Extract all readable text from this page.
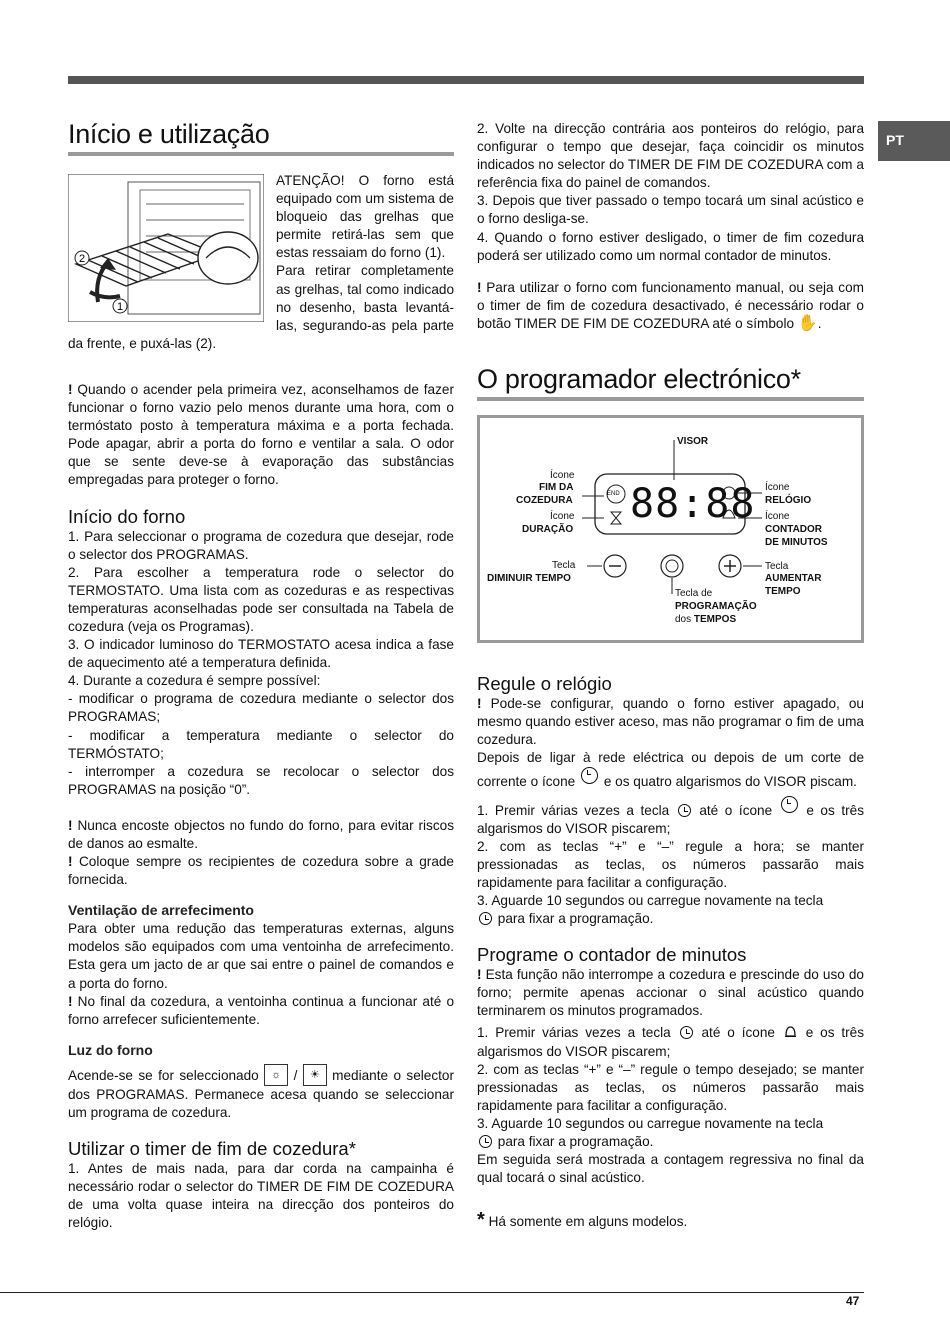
PT
Início e utilização
2
1

ATENÇÃO! O forno está equipado com um sistema de bloqueio das grelhas que permite retirá-las sem que estas ressaiam do forno (1).

Para retirar completamente as grelhas, tal como indicado no desenho, basta levantá-las, segurando-as pela parte da frente, e puxá-las (2).

! Quando o acender pela primeira vez, aconselhamos de fazer funcionar o forno vazio pelo menos durante uma hora, com o termóstato posto à temperatura máxima e a porta fechada. Pode apagar, abrir a porta do forno e ventilar a sala. O odor que se sente deve-se à evaporação das substâncias empregadas para proteger o forno.

Início do forno

1. Para seleccionar o programa de cozedura que desejar, rode o selector dos PROGRAMAS.

2. Para escolher a temperatura rode o selector do TERMOSTATO. Uma lista com as cozeduras e as respectivas temperaturas aconselhadas pode ser consultada na Tabela de cozedura (veja os Programas).

3. O indicador luminoso do TERMOSTATO acesa indica a fase de aquecimento até a temperatura definida.

4. Durante a cozedura é sempre possível:

- modificar o programa de cozedura mediante o selector dos PROGRAMAS;

- modificar a temperatura mediante o selector do TERMÓSTATO;

- interromper a cozedura se recolocar o selector dos PROGRAMAS na posição “0”.

! Nunca encoste objectos no fundo do forno, para evitar riscos de danos ao esmalte.

! Coloque sempre os recipientes de cozedura sobre a grade fornecida.

Ventilação de arrefecimento

Para obter uma redução das temperaturas externas, alguns modelos são equipados com uma ventoinha de arrefecimento. Esta gera um jacto de ar que sai entre o painel de comandos e a porta do forno.

! No final da cozedura, a ventoinha continua a funcionar até o forno arrefecer suficientemente.

Luz do forno

Acende-se se for seleccionado ☼ / ☀ mediante o selector dos PROGRAMAS. Permanece acesa quando se seleccionar um programa de cozedura.

Utilizar o timer de fim de cozedura*

1. Antes de mais nada, para dar corda na campainha é necessário rodar o selector do TIMER DE FIM DE COZEDURA de uma volta quase inteira na direcção dos ponteiros do relógio.

2. Volte na direcção contrária aos ponteiros do relógio, para configurar o tempo que desejar, faça coincidir os minutos indicados no selector do TIMER DE FIM DE COZEDURA com a referência fixa do painel de comandos.

3. Depois que tiver passado o tempo tocará um sinal acústico e o forno desliga-se.

4. Quando o forno estiver desligado, o timer de fim cozedura poderá ser utilizado como um normal contador de minutos.

! Para utilizar o forno com funcionamento manual, ou seja com o timer de fim de cozedura desactivado, é necessário rodar o botão TIMER DE FIM DE COZEDURA até o símbolo ✋.

O programador electrónico*
END 88:88
VISOR
Ícone
FIM DA
COZEDURA
Ícone
DURAÇÃO
Tecla
DIMINUIR TEMPO
Ícone
RELÓGIO
Ícone
CONTADOR
DE MINUTOS
Tecla
AUMENTAR
TEMPO
Tecla de
PROGRAMAÇÃO
dos TEMPOS
Regule o relógio

! Pode-se configurar, quando o forno estiver apagado, ou mesmo quando estiver aceso, mas não programar o fim de uma cozedura.

Depois de ligar à rede eléctrica ou depois de um corte de corrente o ícone e os quatro algarismos do VISOR piscam.

1. Premir várias vezes a tecla até o ícone	e os três algarismos do VISOR piscarem;

2. com as teclas “+” e “–” regule a hora; se manter pressionadas as teclas, os números passarão mais rapidamente para facilitar a configuração.

3. Aguarde 10 segundos ou carregue novamente na tecla
para fixar a programação.

Programe o contador de minutos

! Esta função não interrompe a cozedura e prescinde do uso do forno; permite apenas accionar o sinal acústico quando terminarem os minutos programados.

1. Premir várias vezes a tecla até o ícone e os três algarismos do VISOR piscarem;

2. com as teclas “+” e “–” regule o tempo desejado; se manter pressionadas as teclas, os números passarão mais rapidamente para facilitar a configuração.

3. Aguarde 10 segundos ou carregue novamente na tecla
para fixar a programação.

Em seguida será mostrada a contagem regressiva no final da qual tocará o sinal acústico.

* Há somente em alguns modelos.

47
